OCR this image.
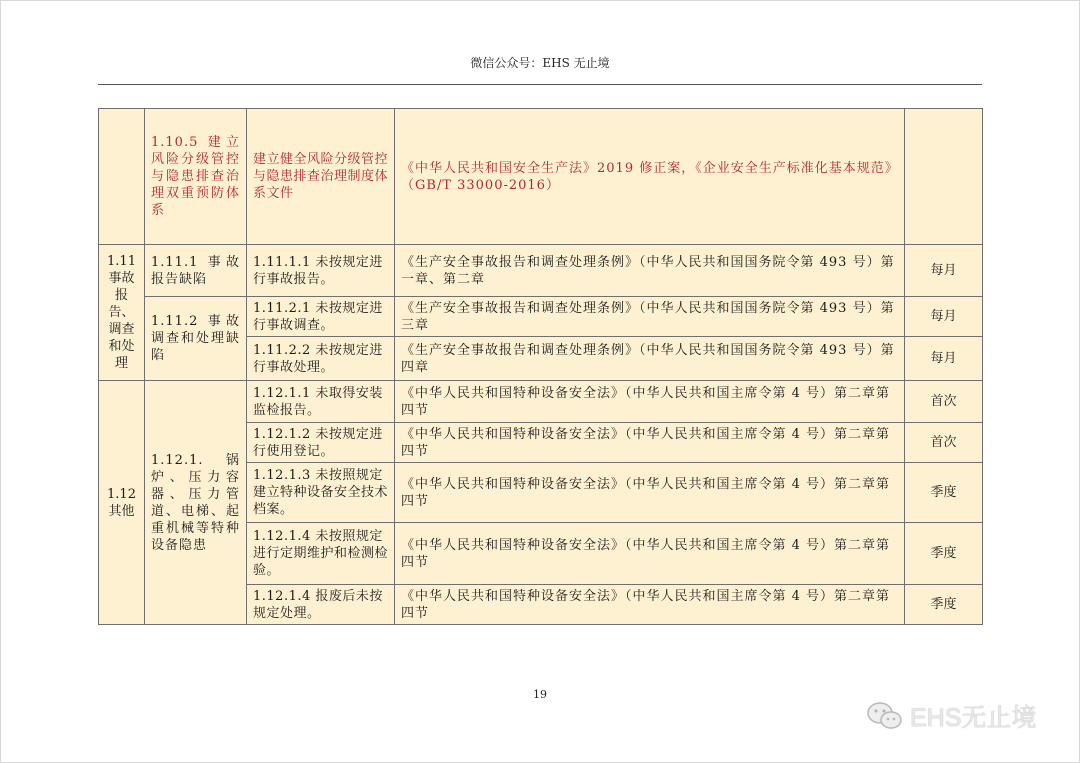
微信公众号：EHS 无止境
	1.10.5 建立风险分级管控与隐患排查治理双重预防体系	建立健全风险分级管控与隐患排查治理制度体系文件	《中华人民共和国安全生产法》2019 修正案，《企业安全生产标准化基本规范》（GB/T 33000-2016）	
1.11 事故报告、调查和处理	1.11.1 事故报告缺陷	1.11.1.1 未按规定进行事故报告。	《生产安全事故报告和调查处理条例》（中华人民共和国国务院令第 493 号）第一章、第二章	每月
	1.11.2 事故调查和处理缺陷	1.11.2.1 未按规定进行事故调查。	《生产安全事故报告和调查处理条例》（中华人民共和国国务院令第 493 号）第三章	每月
		1.11.2.2 未按规定进行事故处理。	《生产安全事故报告和调查处理条例》（中华人民共和国国务院令第 493 号）第四章	每月
1.12 其他	1.12.1.锅炉、压力容器、压力管道、电梯、起重机械等特种设备隐患	1.12.1.1 未取得安装监检报告。	《中华人民共和国特种设备安全法》（中华人民共和国主席令第 4 号）第二章第四节	首次
		1.12.1.2 未按规定进行使用登记。	《中华人民共和国特种设备安全法》（中华人民共和国主席令第 4 号）第二章第四节	首次
		1.12.1.3 未按照规定建立特种设备安全技术档案。	《中华人民共和国特种设备安全法》（中华人民共和国主席令第 4 号）第二章第四节	季度
		1.12.1.4 未按照规定进行定期维护和检测检验。	《中华人民共和国特种设备安全法》（中华人民共和国主席令第 4 号）第二章第四节	季度
		1.12.1.4 报废后未按规定处理。	《中华人民共和国特种设备安全法》（中华人民共和国主席令第 4 号）第二章第四节	季度
19
EHS无止境
